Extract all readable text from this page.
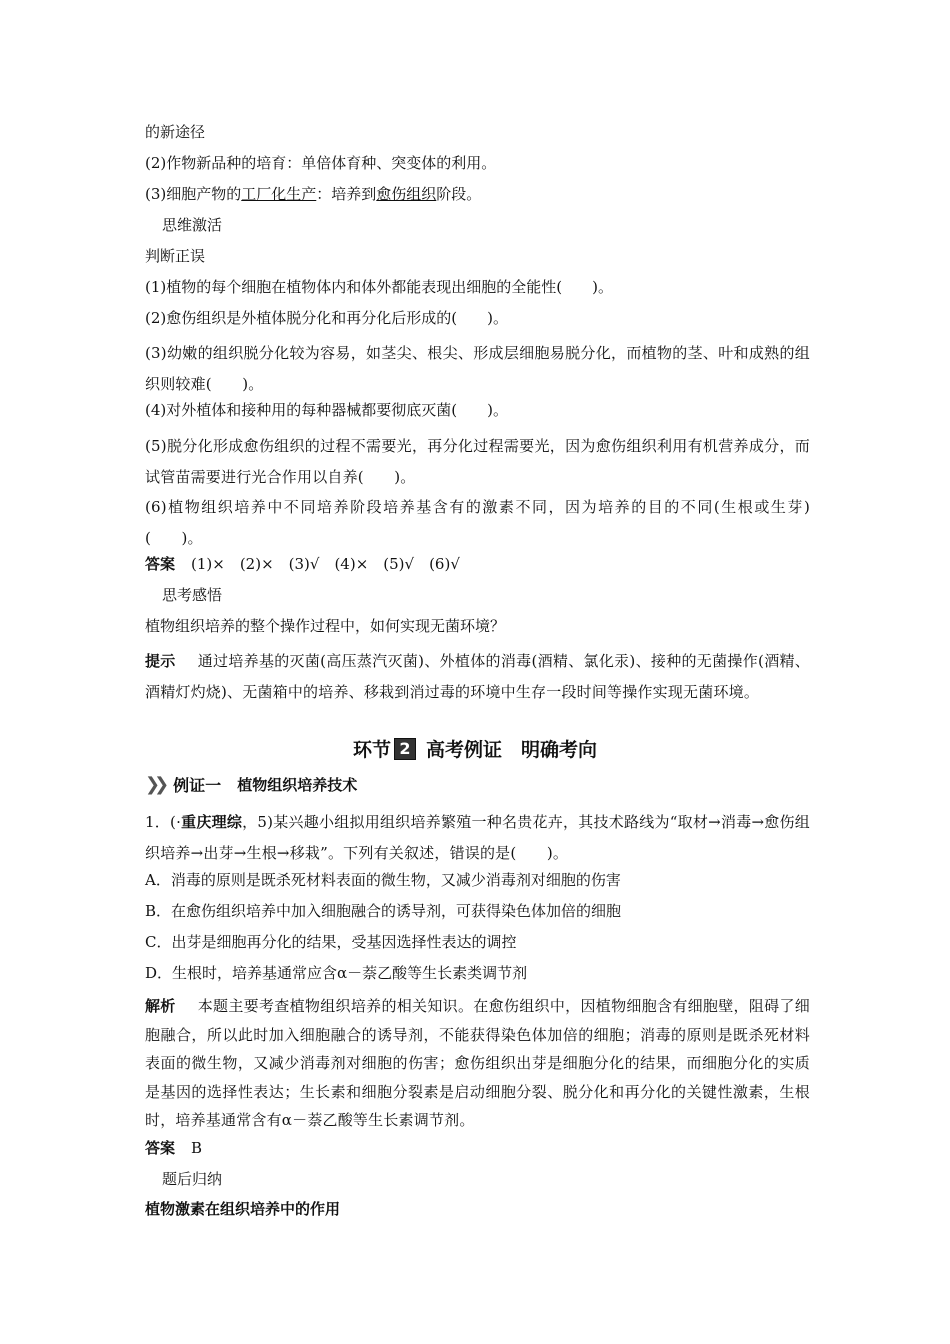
的新途径
(2)作物新品种的培育：单倍体育种、突变体的利用。
(3)细胞产物的工厂化生产：培养到愈伤组织阶段。
思维激活
判断正误
(1)植物的每个细胞在植物体内和体外都能表现出细胞的全能性(　　)。
(2)愈伤组织是外植体脱分化和再分化后形成的(　　)。
(3)幼嫩的组织脱分化较为容易，如茎尖、根尖、形成层细胞易脱分化，而植物的茎、叶和成熟的组织则较难(　　)。
(4)对外植体和接种用的每种器械都要彻底灭菌(　　)。
(5)脱分化形成愈伤组织的过程不需要光，再分化过程需要光，因为愈伤组织利用有机营养成分，而试管苗需要进行光合作用以自养(　　)。
(6)植物组织培养中不同培养阶段培养基含有的激素不同，因为培养的目的不同(生根或生芽)(　　)。
答案 (1)×　(2)×　(3)√　(4)×　(5)√　(6)√
思考感悟
植物组织培养的整个操作过程中，如何实现无菌环境？
提示 通过培养基的灭菌(高压蒸汽灭菌)、外植体的消毒(酒精、氯化汞)、接种的无菌操作(酒精、酒精灯灼烧)、无菌箱中的培养、移栽到消过毒的环境中生存一段时间等操作实现无菌环境。
环节 2 高考例证　明确考向
❯❯ 例证一 植物组织培养技术
1．(·重庆理综，5)某兴趣小组拟用组织培养繁殖一种名贵花卉，其技术路线为“取材→消毒→愈伤组织培养→出芽→生根→移栽”。下列有关叙述，错误的是(　　)。
A．消毒的原则是既杀死材料表面的微生物，又减少消毒剂对细胞的伤害
B．在愈伤组织培养中加入细胞融合的诱导剂，可获得染色体加倍的细胞
C．出芽是细胞再分化的结果，受基因选择性表达的调控
D．生根时，培养基通常应含α－萘乙酸等生长素类调节剂
解析 本题主要考查植物组织培养的相关知识。在愈伤组织中，因植物细胞含有细胞壁，阻碍了细胞融合，所以此时加入细胞融合的诱导剂，不能获得染色体加倍的细胞；消毒的原则是既杀死材料表面的微生物，又减少消毒剂对细胞的伤害；愈伤组织出芽是细胞分化的结果，而细胞分化的实质是基因的选择性表达；生长素和细胞分裂素是启动细胞分裂、脱分化和再分化的关键性激素，生根时，培养基通常含有α－萘乙酸等生长素调节剂。
答案 B
题后归纳
植物激素在组织培养中的作用
